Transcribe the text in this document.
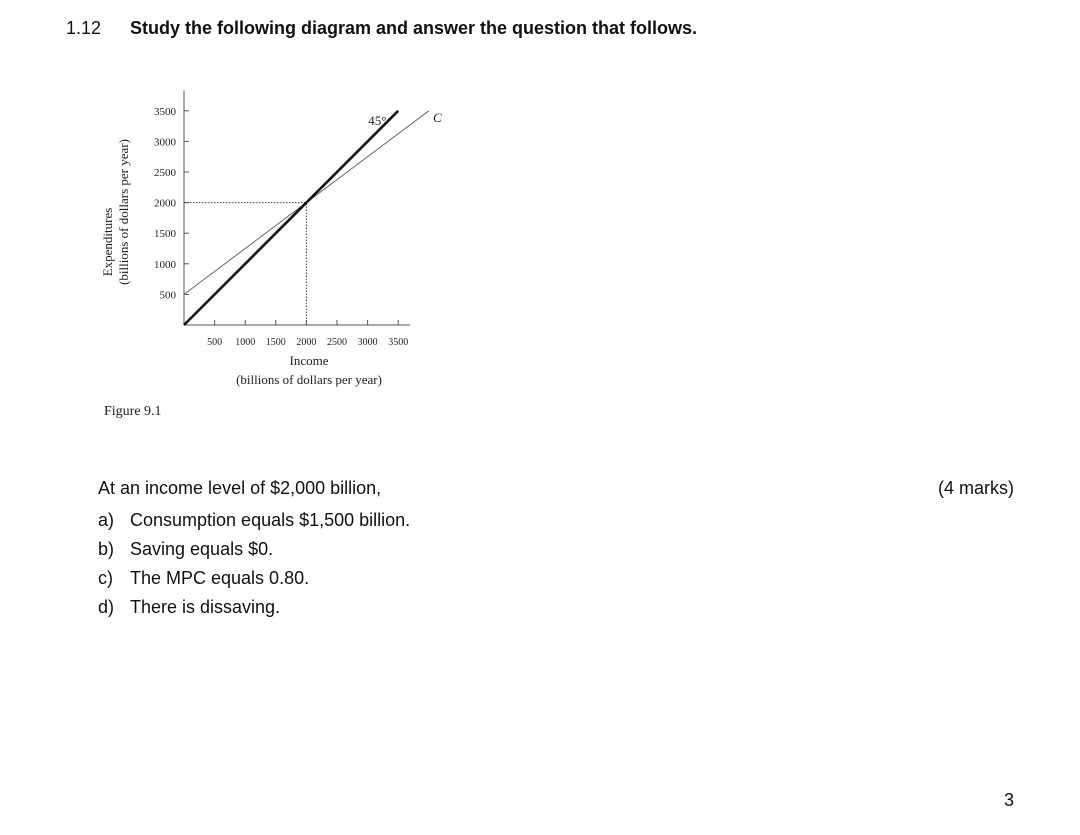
1.12 Study the following diagram and answer the question that follows.
Expenditures (billions of dollars per year)
Income
(billions of dollars per year)
500
1000
1500
2000
2500
3000
3500
500 1000 1500 2000 2500 3000 3500
45°	C
Figure 9.1
At an income level of $2,000 billion,	(4 marks)
a) Consumption equals $1,500 billion.
b) Saving equals $0.
c) The MPC equals 0.80.
d) There is dissaving.
3
